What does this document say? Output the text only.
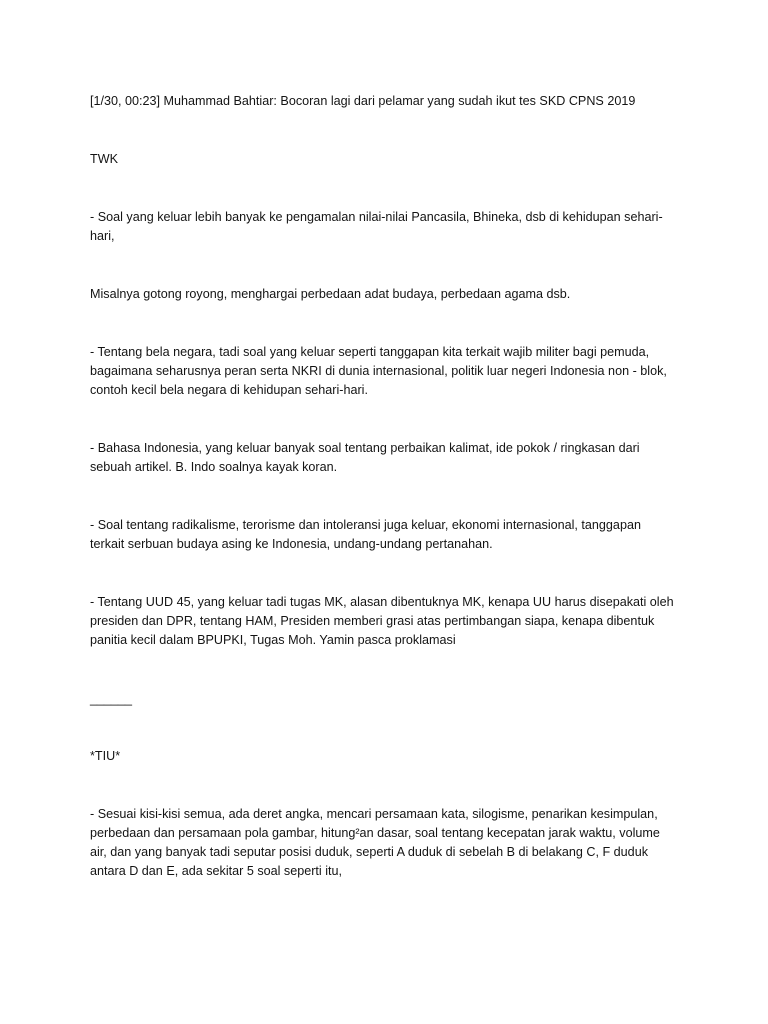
[1/30, 00:23] Muhammad Bahtiar: Bocoran lagi dari pelamar yang sudah ikut tes SKD CPNS 2019

TWK

- Soal yang keluar lebih banyak ke pengamalan nilai-nilai Pancasila, Bhineka, dsb di kehidupan sehari-
hari,

Misalnya gotong royong, menghargai perbedaan adat budaya, perbedaan agama dsb.

- Tentang bela negara, tadi soal yang keluar seperti tanggapan kita terkait wajib militer bagi pemuda,
bagaimana seharusnya peran serta NKRI di dunia internasional, politik luar negeri Indonesia non - blok,
contoh kecil bela negara di kehidupan sehari-hari.

- Bahasa Indonesia, yang keluar banyak soal tentang perbaikan kalimat, ide pokok / ringkasan dari
sebuah artikel. B. Indo soalnya kayak koran.

- Soal tentang radikalisme, terorisme dan intoleransi juga keluar, ekonomi internasional, tanggapan
terkait serbuan budaya asing ke Indonesia, undang-undang pertanahan.

- Tentang UUD 45, yang keluar tadi tugas MK, alasan dibentuknya MK, kenapa UU harus disepakati oleh
presiden dan DPR, tentang HAM, Presiden memberi grasi atas pertimbangan siapa, kenapa dibentuk
panitia kecil dalam BPUPKI, Tugas Moh. Yamin pasca proklamasi

______

*TIU*

- Sesuai kisi-kisi semua, ada deret angka, mencari persamaan kata, silogisme, penarikan kesimpulan,
perbedaan dan persamaan pola gambar, hitung²an dasar, soal tentang kecepatan jarak waktu, volume
air, dan yang banyak tadi seputar posisi duduk, seperti A duduk di sebelah B di belakang C, F duduk
antara D dan E, ada sekitar 5 soal seperti itu,
